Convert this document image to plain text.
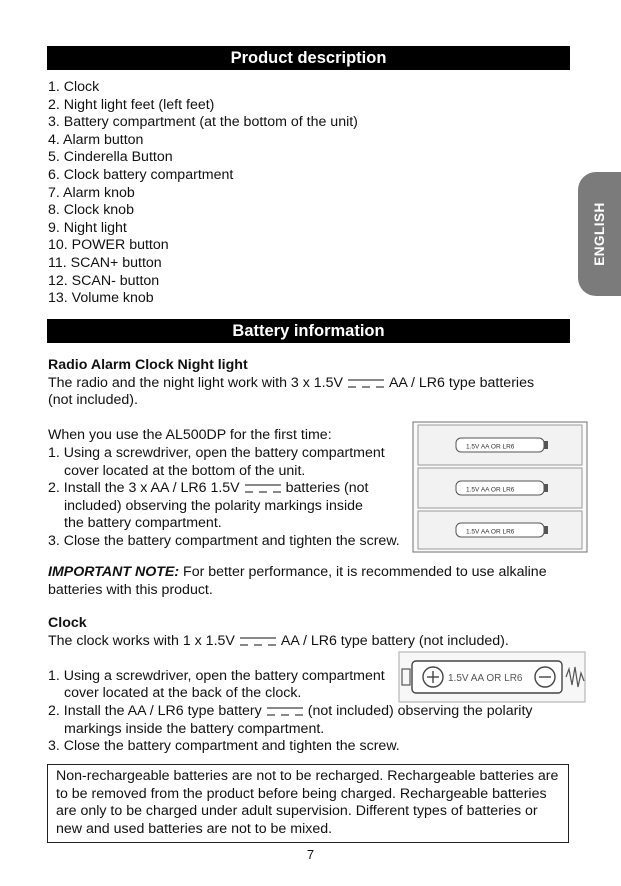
Product description
1. Clock
2. Night light feet (left feet)
3. Battery compartment (at the bottom of the unit)
4. Alarm button
5. Cinderella Button
6. Clock battery compartment
7. Alarm knob
8. Clock knob
9. Night light
10. POWER button
11. SCAN+ button
12. SCAN- button
13. Volume knob
ENGLISH
Battery information
Radio Alarm Clock Night light
The radio and the night light work with 3 x 1.5V	AA / LR6 type batteries
(not included).
When you use the AL500DP for the first time:
1. Using a screwdriver, open the battery compartment
cover located at the bottom of the unit.
2. Install the 3 x AA / LR6 1.5V	batteries (not
included) observing the polarity markings inside
the battery compartment.
3. Close the battery compartment and tighten the screw.
1.5V AA OR LR6
1.5V AA OR LR6
1.5V AA OR LR6
IMPORTANT NOTE: For better performance, it is recommended to use alkaline
batteries with this product.
Clock
The clock works with 1 x 1.5V	AA / LR6 type battery (not included).
1. Using a screwdriver, open the battery compartment
cover located at the back of the clock.
2. Install the AA / LR6 type battery	(not included) observing the polarity
markings inside the battery compartment.
3. Close the battery compartment and tighten the screw.
1.5V AA OR LR6
Non-rechargeable batteries are not to be recharged. Rechargeable batteries are
to be removed from the product before being charged. Rechargeable batteries
are only to be charged under adult supervision. Different types of batteries or
new and used batteries are not to be mixed.
7
